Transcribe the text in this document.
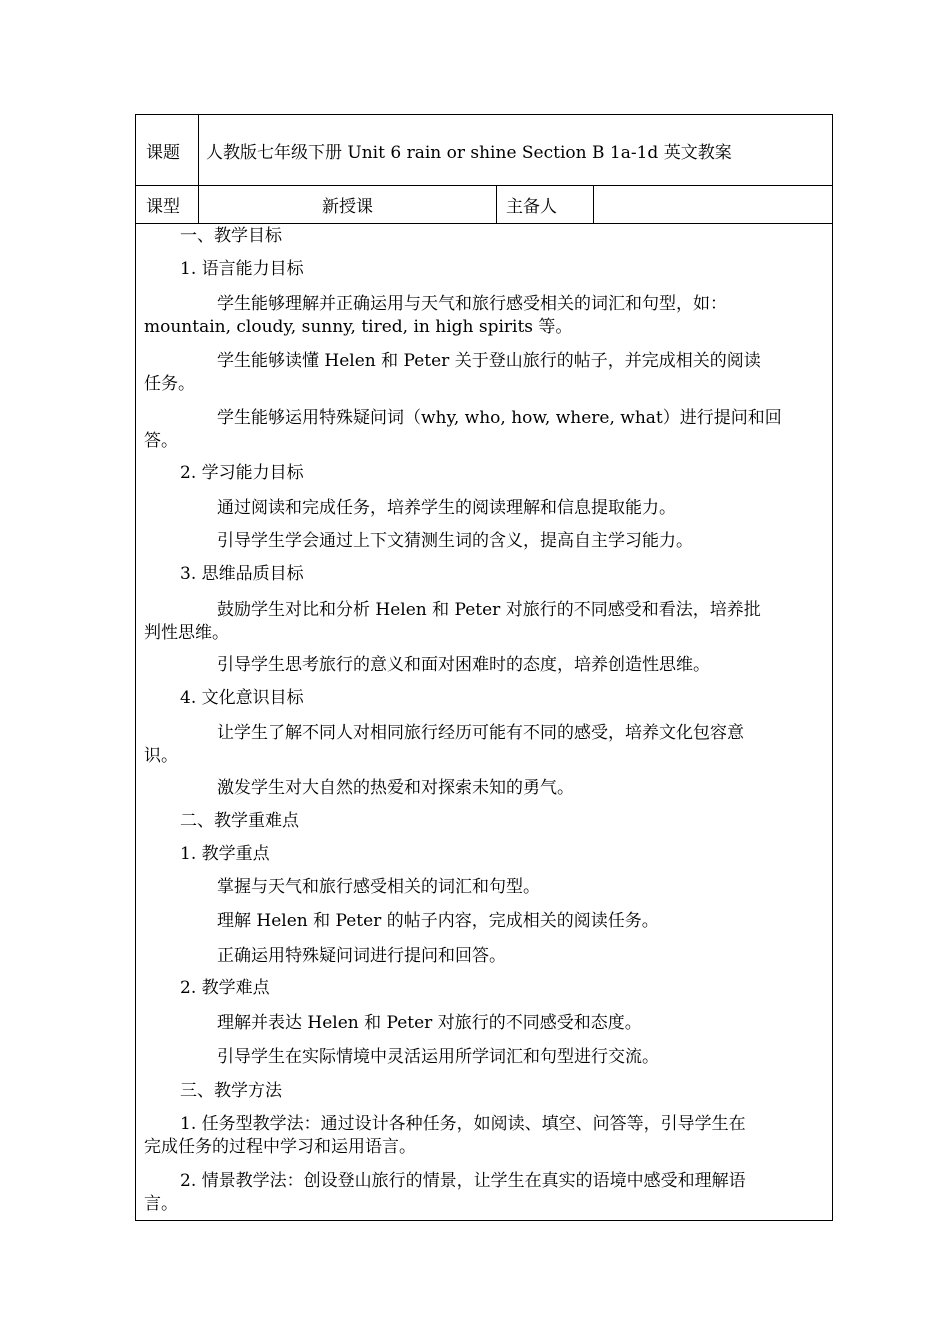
课题	人教版七年级下册 Unit 6 rain or shine Section B 1a-1d 英文教案
课型	新授课	主备人
一、教学目标
1. 语言能力目标
学生能够理解并正确运用与天气和旅行感受相关的词汇和句型，如：
mountain, cloudy, sunny, tired, in high spirits 等。
学生能够读懂 Helen 和 Peter 关于登山旅行的帖子，并完成相关的阅读
任务。
学生能够运用特殊疑问词（why, who, how, where, what）进行提问和回
答。
2. 学习能力目标
通过阅读和完成任务，培养学生的阅读理解和信息提取能力。
引导学生学会通过上下文猜测生词的含义，提高自主学习能力。
3. 思维品质目标
鼓励学生对比和分析 Helen 和 Peter 对旅行的不同感受和看法，培养批
判性思维。
引导学生思考旅行的意义和面对困难时的态度，培养创造性思维。
4. 文化意识目标
让学生了解不同人对相同旅行经历可能有不同的感受，培养文化包容意
识。
激发学生对大自然的热爱和对探索未知的勇气。
二、教学重难点
1. 教学重点
掌握与天气和旅行感受相关的词汇和句型。
理解 Helen 和 Peter 的帖子内容，完成相关的阅读任务。
正确运用特殊疑问词进行提问和回答。
2. 教学难点
理解并表达 Helen 和 Peter 对旅行的不同感受和态度。
引导学生在实际情境中灵活运用所学词汇和句型进行交流。
三、教学方法
1. 任务型教学法：通过设计各种任务，如阅读、填空、问答等，引导学生在
完成任务的过程中学习和运用语言。
2. 情景教学法：创设登山旅行的情景，让学生在真实的语境中感受和理解语
言。
